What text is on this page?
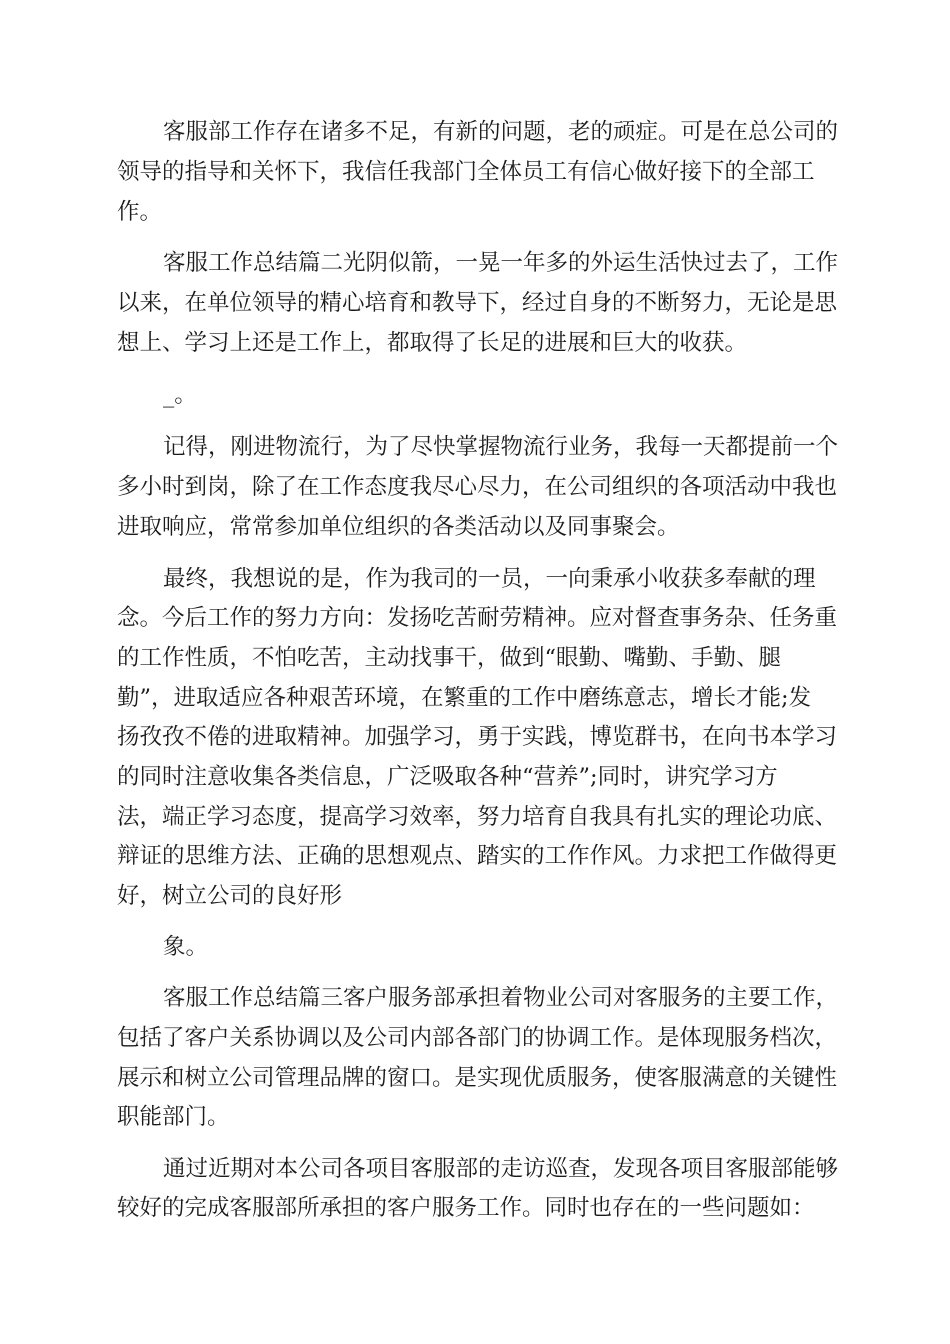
客服部工作存在诸多不足，有新的问题，老的顽症。可是在总公司的
领导的指导和关怀下，我信任我部门全体员工有信心做好接下的全部工
作。
客服工作总结篇二光阴似箭，一晃一年多的外运生活快过去了，工作
以来，在单位领导的精心培育和教导下，经过自身的不断努力，无论是思
想上、学习上还是工作上，都取得了长足的进展和巨大的收获。
_。
记得，刚进物流行，为了尽快掌握物流行业务，我每一天都提前一个
多小时到岗，除了在工作态度我尽心尽力，在公司组织的各项活动中我也
进取响应，常常参加单位组织的各类活动以及同事聚会。
最终，我想说的是，作为我司的一员，一向秉承小收获多奉献的理
念。今后工作的努力方向：发扬吃苦耐劳精神。应对督查事务杂、任务重
的工作性质，不怕吃苦，主动找事干，做到“眼勤、嘴勤、手勤、腿
勤”，进取适应各种艰苦环境，在繁重的工作中磨练意志，增长才能;发
扬孜孜不倦的进取精神。加强学习，勇于实践，博览群书，在向书本学习
的同时注意收集各类信息，广泛吸取各种“营养”;同时，讲究学习方
法，端正学习态度，提高学习效率，努力培育自我具有扎实的理论功底、
辩证的思维方法、正确的思想观点、踏实的工作作风。力求把工作做得更
好，树立公司的良好形
象。
客服工作总结篇三客户服务部承担着物业公司对客服务的主要工作，
包括了客户关系协调以及公司内部各部门的协调工作。是体现服务档次，
展示和树立公司管理品牌的窗口。是实现优质服务，使客服满意的关键性
职能部门。
通过近期对本公司各项目客服部的走访巡查，发现各项目客服部能够
较好的完成客服部所承担的客户服务工作。同时也存在的一些问题如：
